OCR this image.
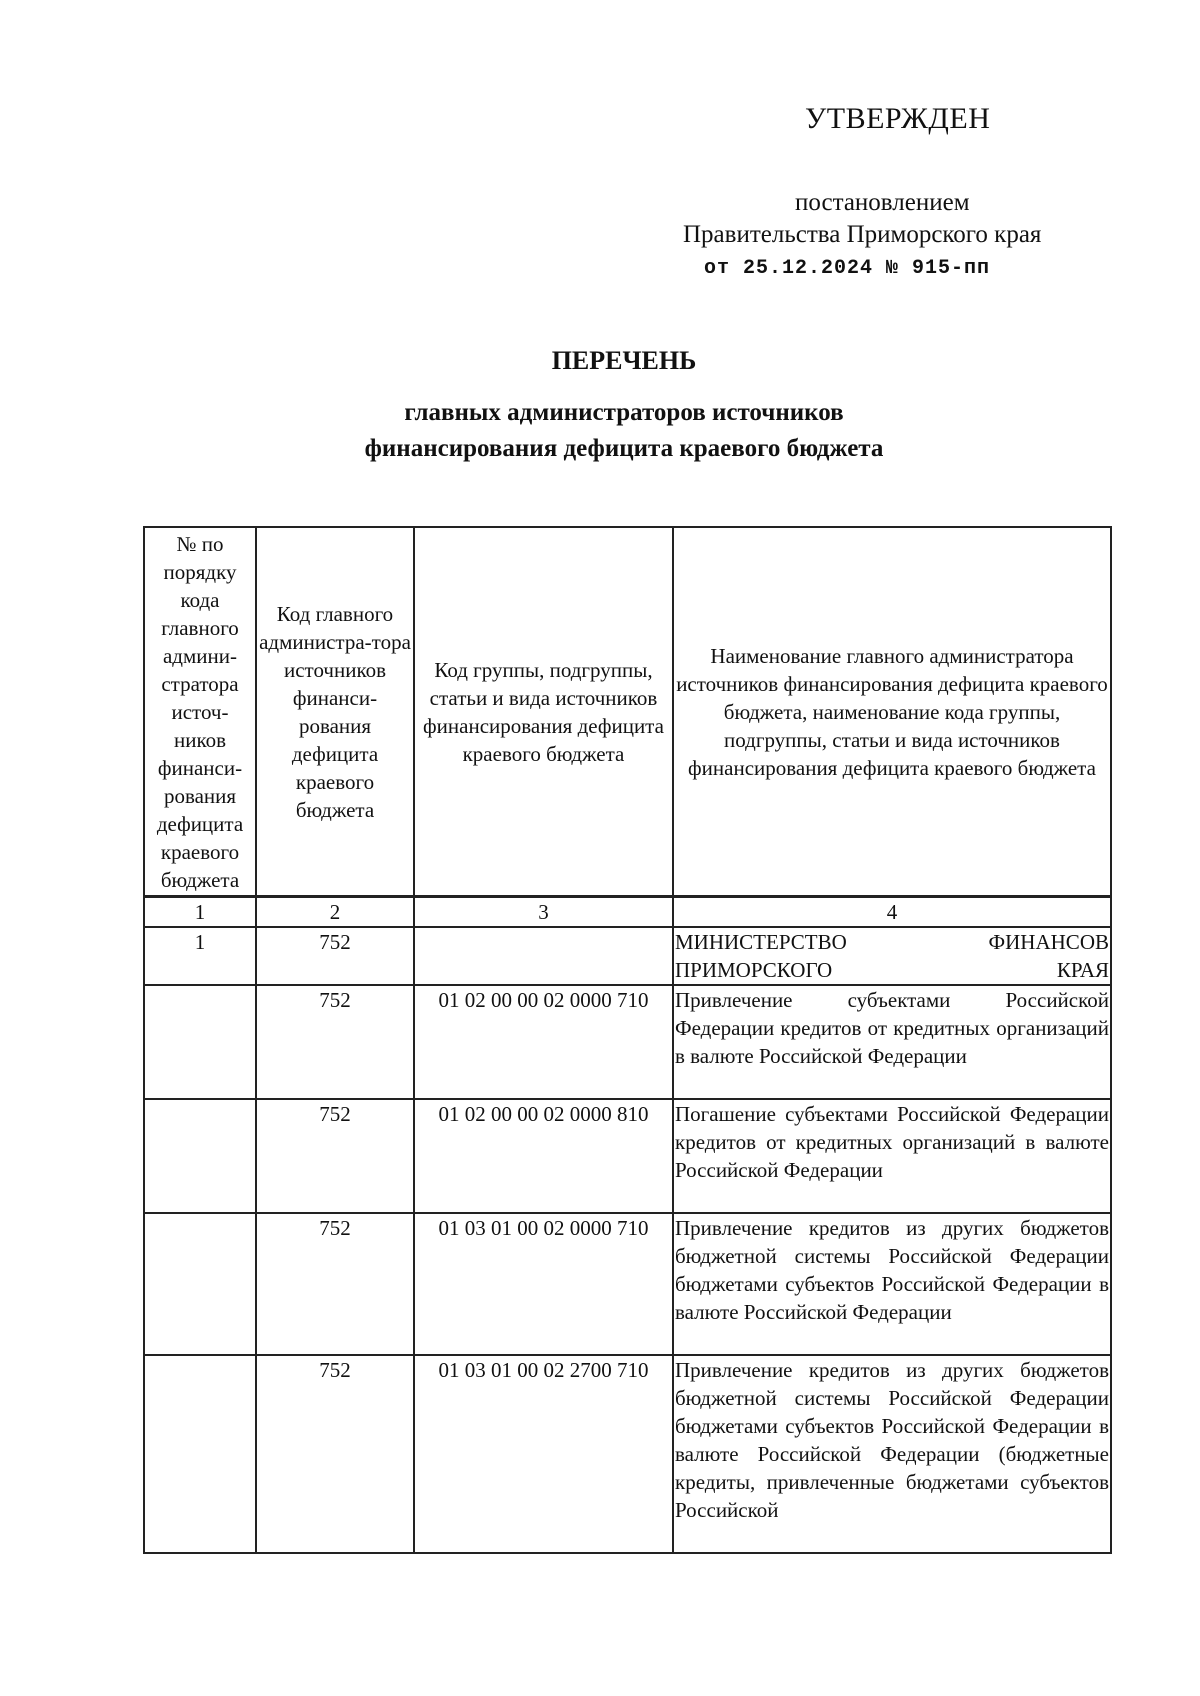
УТВЕРЖДЕН
постановлением
Правительства Приморского края
от 25.12.2024 № 915-пп
ПЕРЕЧЕНЬ
главных администраторов источников
финансирования дефицита краевого бюджета
№ по порядку кода главного админи-стратора источ-ников финанси-рования дефицита краевого бюджета	Код главного администра-тора источников финанси-рования дефицита краевого бюджета	Код группы, подгруппы, статьи и вида источников финансирования дефицита краевого бюджета	Наименование главного администратора источников финансирования дефицита краевого бюджета, наименование кода группы, подгруппы, статьи и вида источников финансирования дефицита краевого бюджета
1	2	3	4
1	752		МИНИСТЕРСТВО ФИНАНСОВ ПРИМОРСКОГО КРАЯ
	752	01 02 00 00 02 0000 710	Привлечение субъектами Российской Федерации кредитов от кредитных организаций в валюте Российской Федерации
	752	01 02 00 00 02 0000 810	Погашение субъектами Российской Федерации кредитов от кредитных организаций в валюте Российской Федерации
	752	01 03 01 00 02 0000 710	Привлечение кредитов из других бюджетов бюджетной системы Российской Федерации бюджетами субъектов Российской Федерации в валюте Российской Федерации
	752	01 03 01 00 02 2700 710	Привлечение кредитов из других бюджетов бюджетной системы Российской Федерации бюджетами субъектов Российской Федерации в валюте Российской Федерации (бюджетные кредиты, привлеченные бюджетами субъектов Российской
